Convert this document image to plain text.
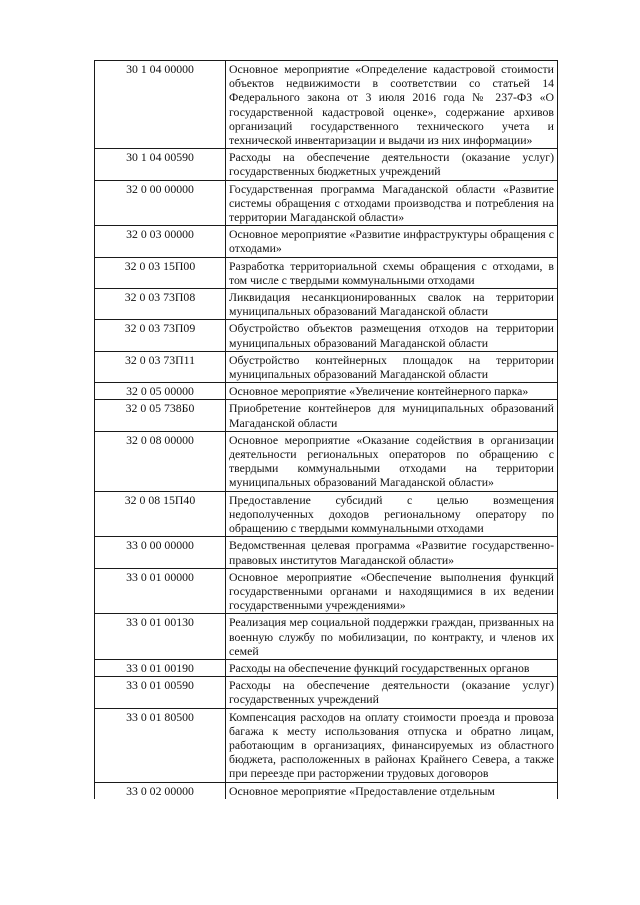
30 1 04 00000	Основное мероприятие «Определение кадастровой стоимости объектов недвижимости в соответствии со статьей 14 Федерального закона от 3 июля 2016 года № 237-ФЗ «О государственной кадастровой оценке», содержание архивов организаций государственного технического учета и технической инвентаризации и выдачи из них информации»
30 1 04 00590	Расходы на обеспечение деятельности (оказание услуг) государственных бюджетных учреждений
32 0 00 00000	Государственная программа Магаданской области «Развитие системы обращения с отходами производства и потребления на территории Магаданской области»
32 0 03 00000	Основное мероприятие «Развитие инфраструктуры обращения с отходами»
32 0 03 15П00	Разработка территориальной схемы обращения с отходами, в том числе с твердыми коммунальными отходами
32 0 03 73П08	Ликвидация несанкционированных свалок на территории муниципальных образований Магаданской области
32 0 03 73П09	Обустройство объектов размещения отходов на территории муниципальных образований Магаданской области
32 0 03 73П11	Обустройство контейнерных площадок на территории муниципальных образований Магаданской области
32 0 05 00000	Основное мероприятие «Увеличение контейнерного парка»
32 0 05 738Б0	Приобретение контейнеров для муниципальных образований Магаданской области
32 0 08 00000	Основное мероприятие «Оказание содействия в организации деятельности региональных операторов по обращению с твердыми коммунальными отходами на территории муниципальных образований Магаданской области»
32 0 08 15П40	Предоставление субсидий с целью возмещения недополученных доходов региональному оператору по обращению с твердыми коммунальными отходами
33 0 00 00000	Ведомственная целевая программа «Развитие государственно-правовых институтов Магаданской области»
33 0 01 00000	Основное мероприятие «Обеспечение выполнения функций государственными органами и находящимися в их ведении государственными учреждениями»
33 0 01 00130	Реализация мер социальной поддержки граждан, призванных на военную службу по мобилизации, по контракту, и членов их семей
33 0 01 00190	Расходы на обеспечение функций государственных органов
33 0 01 00590	Расходы на обеспечение деятельности (оказание услуг) государственных учреждений
33 0 01 80500	Компенсация расходов на оплату стоимости проезда и провоза багажа к месту использования отпуска и обратно лицам, работающим в организациях, финансируемых из областного бюджета, расположенных в районах Крайнего Севера, а также при переезде при расторжении трудовых договоров
33 0 02 00000	Основное мероприятие «Предоставление отдельным
